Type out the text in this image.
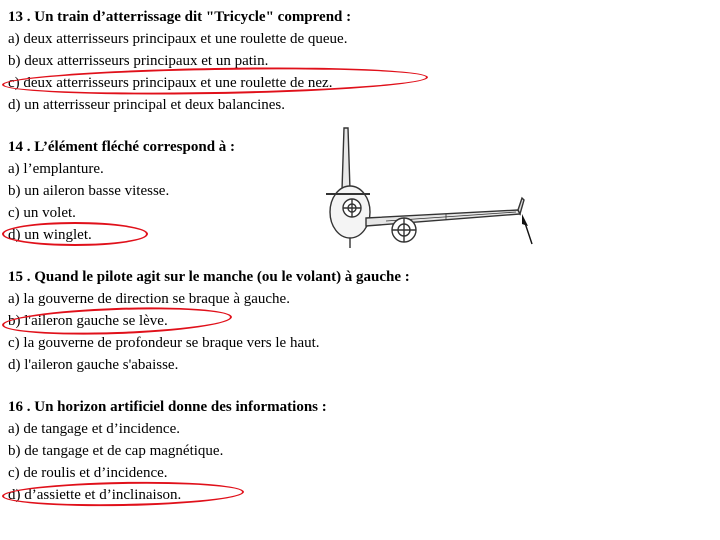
13 . Un train d’atterrissage dit "Tricycle" comprend :
a) deux atterrisseurs principaux et une roulette de queue.
b) deux atterrisseurs principaux et un patin.
c) deux atterrisseurs principaux et une roulette de nez.
d) un atterrisseur principal et deux balancines.
14 . L’élément fléché correspond à :
a) l’emplanture.
b) un aileron basse vitesse.
c) un volet.
d) un winglet.
15 . Quand le pilote agit sur le manche (ou le volant) à gauche :
a) la gouverne de direction se braque à gauche.
b) l'aileron gauche se lève.
c) la gouverne de profondeur se braque vers le haut.
d) l'aileron gauche s'abaisse.
16 . Un horizon artificiel donne des informations :
a) de tangage et d’incidence.
b) de tangage et de cap magnétique.
c) de roulis et d’incidence.
d) d’assiette et d’inclinaison.
